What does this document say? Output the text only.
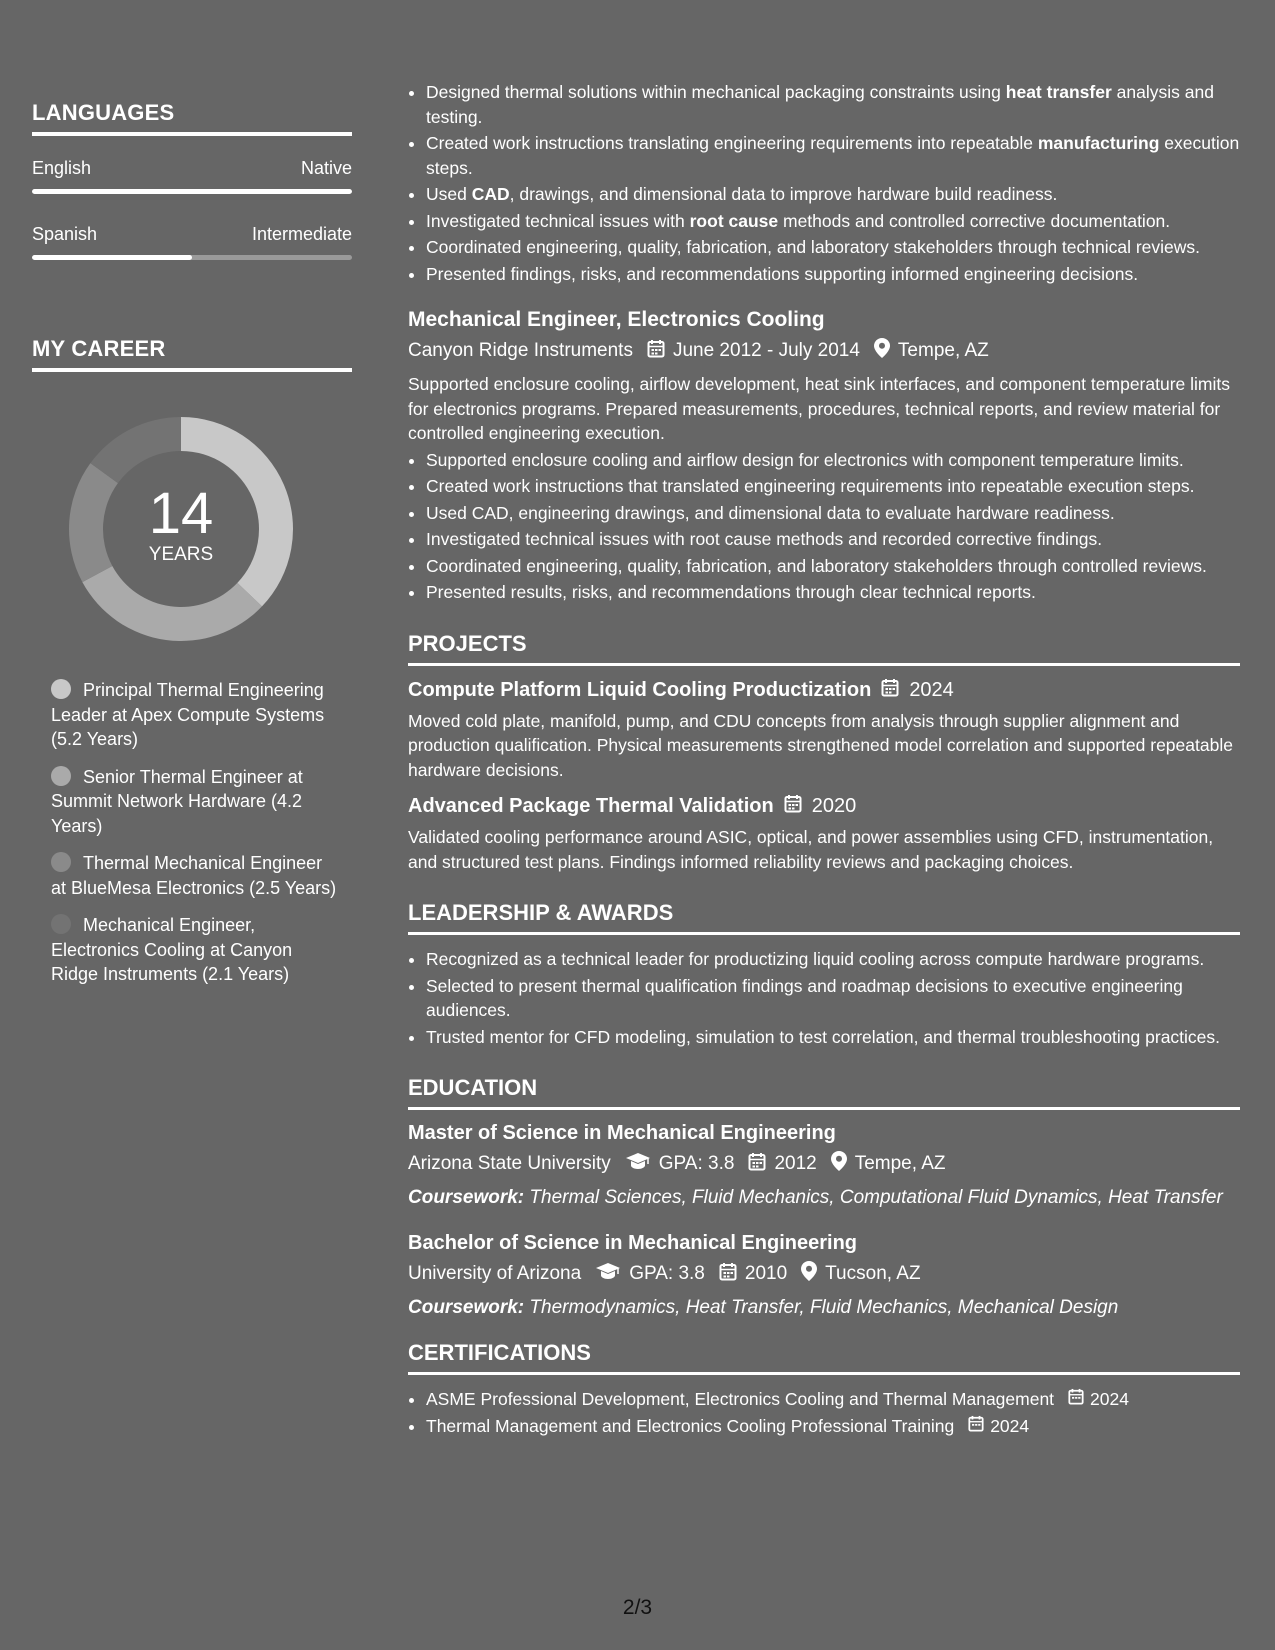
LANGUAGES
English	Native
Spanish	Intermediate
MY CAREER
14
YEARS
Principal Thermal Engineering Leader at Apex Compute Systems (5.2 Years)
Senior Thermal Engineer at Summit Network Hardware (4.2 Years)
Thermal Mechanical Engineer at BlueMesa Electronics (2.5 Years)
Mechanical Engineer, Electronics Cooling at Canyon Ridge Instruments (2.1 Years)
• Designed thermal solutions within mechanical packaging constraints using heat transfer analysis and testing.
• Created work instructions translating engineering requirements into repeatable manufacturing execution steps.
• Used CAD, drawings, and dimensional data to improve hardware build readiness.
• Investigated technical issues with root cause methods and controlled corrective documentation.
• Coordinated engineering, quality, fabrication, and laboratory stakeholders through technical reviews.
• Presented findings, risks, and recommendations supporting informed engineering decisions.
Mechanical Engineer, Electronics Cooling
Canyon Ridge Instruments June 2012 - July 2014 Tempe, AZ
Supported enclosure cooling, airflow development, heat sink interfaces, and component temperature limits for electronics programs. Prepared measurements, procedures, technical reports, and review material for controlled engineering execution.
• Supported enclosure cooling and airflow design for electronics with component temperature limits.
• Created work instructions that translated engineering requirements into repeatable execution steps.
• Used CAD, engineering drawings, and dimensional data to evaluate hardware readiness.
• Investigated technical issues with root cause methods and recorded corrective findings.
• Coordinated engineering, quality, fabrication, and laboratory stakeholders through controlled reviews.
• Presented results, risks, and recommendations through clear technical reports.
PROJECTS
Compute Platform Liquid Cooling Productization 2024
Moved cold plate, manifold, pump, and CDU concepts from analysis through supplier alignment and production qualification. Physical measurements strengthened model correlation and supported repeatable hardware decisions.
Advanced Package Thermal Validation 2020
Validated cooling performance around ASIC, optical, and power assemblies using CFD, instrumentation, and structured test plans. Findings informed reliability reviews and packaging choices.
LEADERSHIP & AWARDS
• Recognized as a technical leader for productizing liquid cooling across compute hardware programs.
• Selected to present thermal qualification findings and roadmap decisions to executive engineering audiences.
• Trusted mentor for CFD modeling, simulation to test correlation, and thermal troubleshooting practices.
EDUCATION
Master of Science in Mechanical Engineering
Arizona State University	GPA: 3.8 2012 Tempe, AZ
Coursework: Thermal Sciences, Fluid Mechanics, Computational Fluid Dynamics, Heat Transfer
Bachelor of Science in Mechanical Engineering
University of Arizona	GPA: 3.8 2010 Tucson, AZ
Coursework: Thermodynamics, Heat Transfer, Fluid Mechanics, Mechanical Design
CERTIFICATIONS
• ASME Professional Development, Electronics Cooling and Thermal Management 2024
• Thermal Management and Electronics Cooling Professional Training 2024
2/3
